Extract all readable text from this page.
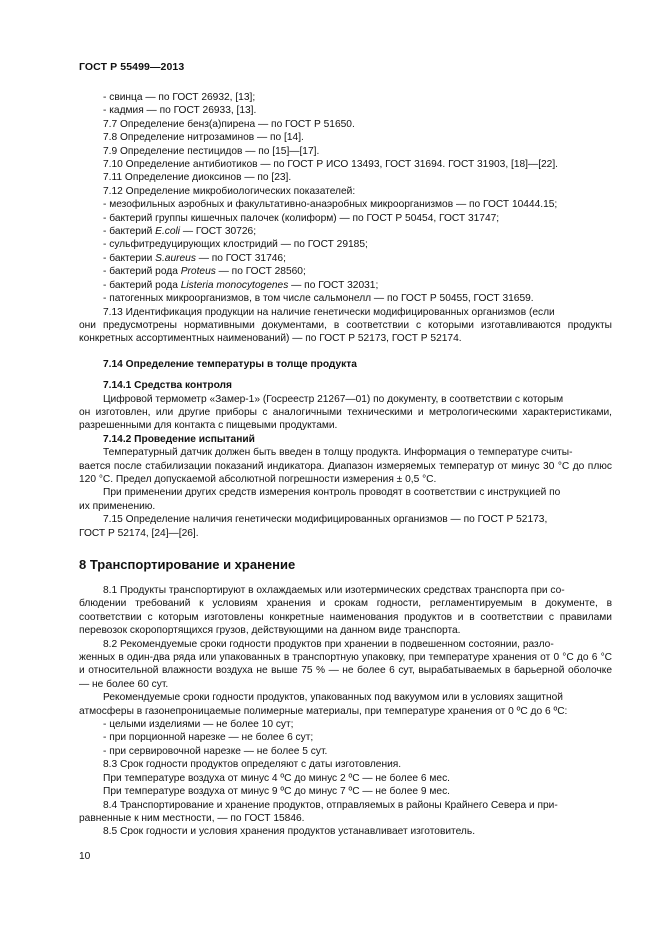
ГОСТ Р 55499—2013

- свинца — по ГОСТ 26932, [13];

- кадмия — по ГОСТ 26933, [13].

7.7 Определение бенз(а)пирена — по ГОСТ Р 51650.

7.8 Определение нитрозаминов — по [14].

7.9 Определение пестицидов — по [15]—[17].

7.10 Определение антибиотиков — по ГОСТ Р ИСО 13493, ГОСТ 31694. ГОСТ 31903, [18]—[22].

7.11 Определение диоксинов — по [23].

7.12 Определение микробиологических показателей:

- мезофильных аэробных и факультативно-анаэробных микроорганизмов — по ГОСТ 10444.15;

- бактерий группы кишечных палочек (колиформ) — по ГОСТ Р 50454, ГОСТ 31747;

- бактерий E.coli — ГОСТ 30726;

- сульфитредуцирующих клостридий — по ГОСТ 29185;

- бактерии S.aureus — по ГОСТ 31746;

- бактерий рода Proteus — по ГОСТ 28560;

- бактерий рода Listeria monocytogenes — по ГОСТ 32031;

- патогенных микроорганизмов, в том числе сальмонелл — по ГОСТ Р 50455, ГОСТ 31659.

7.13 Идентификация продукции на наличие генетически модифицированных организмов (если

они предусмотрены нормативными документами, в соответствии с которыми изготавливаются продукты конкретных ассортиментных наименований) — по ГОСТ Р 52173, ГОСТ Р 52174.

7.14 Определение температуры в толще продукта

7.14.1 Средства контроля

Цифровой термометр «Замер-1» (Госреестр 21267—01) по документу, в соответствии с которым

он изготовлен, или другие приборы с аналогичными техническими и метрологическими характеристиками, разрешенными для контакта с пищевыми продуктами.

7.14.2 Проведение испытаний

Температурный датчик должен быть введен в толщу продукта. Информация о температуре считы-

вается после стабилизации показаний индикатора. Диапазон измеряемых температур от минус 30 °С до плюс 120 °С. Предел допускаемой абсолютной погрешности измерения ± 0,5 °С.

При применении других средств измерения контроль проводят в соответствии с инструкцией по

их применению.

7.15 Определение наличия генетически модифицированных организмов — по ГОСТ Р 52173,

ГОСТ Р 52174, [24]—[26].

8 Транспортирование и хранение

8.1 Продукты транспортируют в охлаждаемых или изотермических средствах транспорта при со-

блюдении требований к условиям хранения и срокам годности, регламентируемым в документе, в соответствии с которым изготовлены конкретные наименования продуктов и в соответствии с правилами перевозок скоропортящихся грузов, действующими на данном виде транспорта.

8.2 Рекомендуемые сроки годности продуктов при хранении в подвешенном состоянии, разло-

женных в один-два ряда или упакованных в транспортную упаковку, при температуре хранения от 0 °С до 6 °С и относительной влажности воздуха не выше 75 % — не более 6 сут, вырабатываемых в барьерной оболочке — не более 60 сут.

Рекомендуемые сроки годности продуктов, упакованных под вакуумом или в условиях защитной

атмосферы в газонепроницаемые полимерные материалы, при температуре хранения от 0 ºС до 6 ºС:

- целыми изделиями — не более 10 сут;

- при порционной нарезке — не более 6 сут;

- при сервировочной нарезке — не более 5 сут.

8.3 Срок годности продуктов определяют с даты изготовления.

При температуре воздуха от минус 4 ºС до минус 2 ºС — не более 6 мес.

При температуре воздуха от минус 9 ºС до минус 7 ºС — не более 9 мес.

8.4 Транспортирование и хранение продуктов, отправляемых в районы Крайнего Севера и при-

равненные к ним местности, — по ГОСТ 15846.

8.5 Срок годности и условия хранения продуктов устанавливает изготовитель.

10
